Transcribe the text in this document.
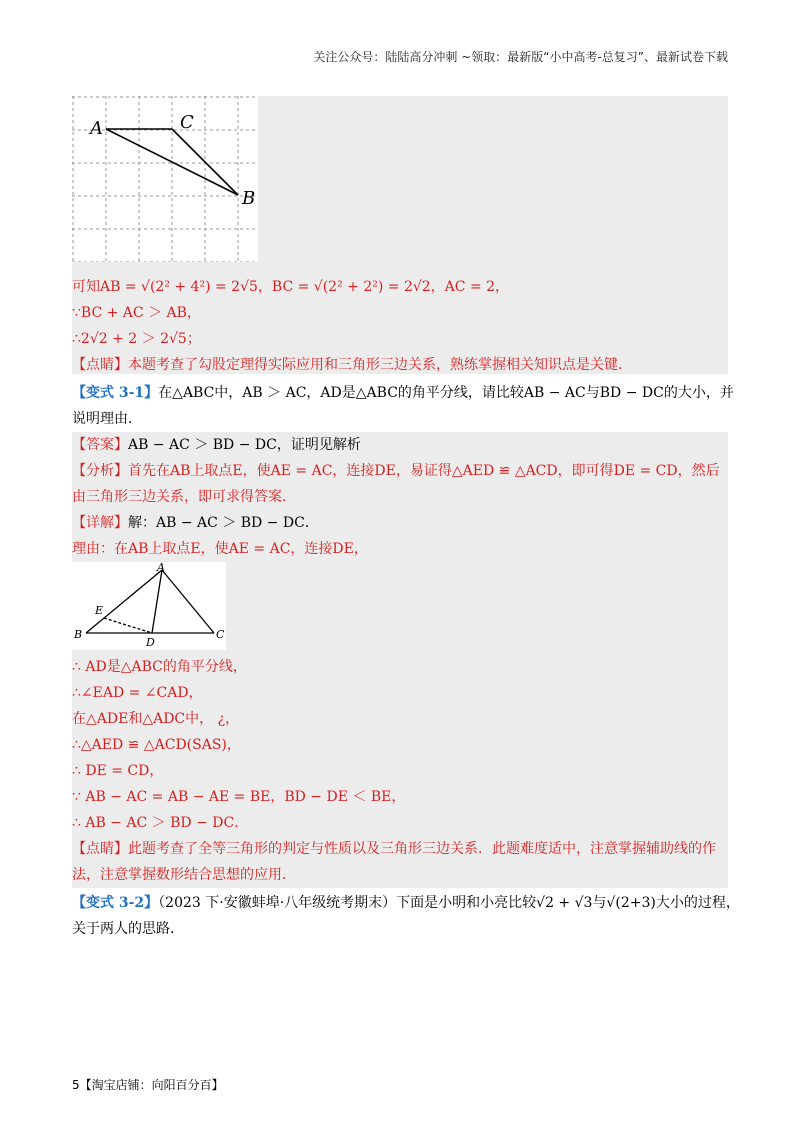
关注公众号：陆陆高分冲刺 ~领取：最新版“小中高考-总复习”、最新试卷下载
A	C
B
可知AB = √(2² + 4²) = 2√5，BC = √(2² + 2²) = 2√2，AC = 2，
∵BC + AC ＞ AB，
∴2√2 + 2 ＞ 2√5；
【点睛】本题考查了勾股定理得实际应用和三角形三边关系，熟练掌握相关知识点是关键．
【变式 3-1】在△ABC中，AB ＞ AC，AD是△ABC的角平分线，请比较AB − AC与BD − DC的大小，并
说明理由．
【答案】AB − AC ＞ BD − DC，证明见解析
【分析】首先在AB上取点E，使AE = AC，连接DE，易证得△AED ≌ △ACD，即可得DE = CD，然后
由三角形三边关系，即可求得答案．
【详解】解：AB − AC ＞ BD − DC．
理由：在AB上取点E，使AE = AC，连接DE，
A
E
B
D
C
∴ AD是△ABC的角平分线，
∴∠EAD = ∠CAD，
在△ADE和△ADC中， ¿，
∴△AED ≌ △ACD(SAS)，
∴ DE = CD，
∵ AB − AC = AB − AE = BE，BD − DE ＜ BE，
∴ AB − AC ＞ BD − DC．
【点睛】此题考查了全等三角形的判定与性质以及三角形三边关系．此题难度适中，注意掌握辅助线的作
法，注意掌握数形结合思想的应用．
【变式 3-2】（2023 下·安徽蚌埠·八年级统考期末）下面是小明和小亮比较√2 + √3与√(2+3)大小的过程，
关于两人的思路.
5【淘宝店铺：向阳百分百】
